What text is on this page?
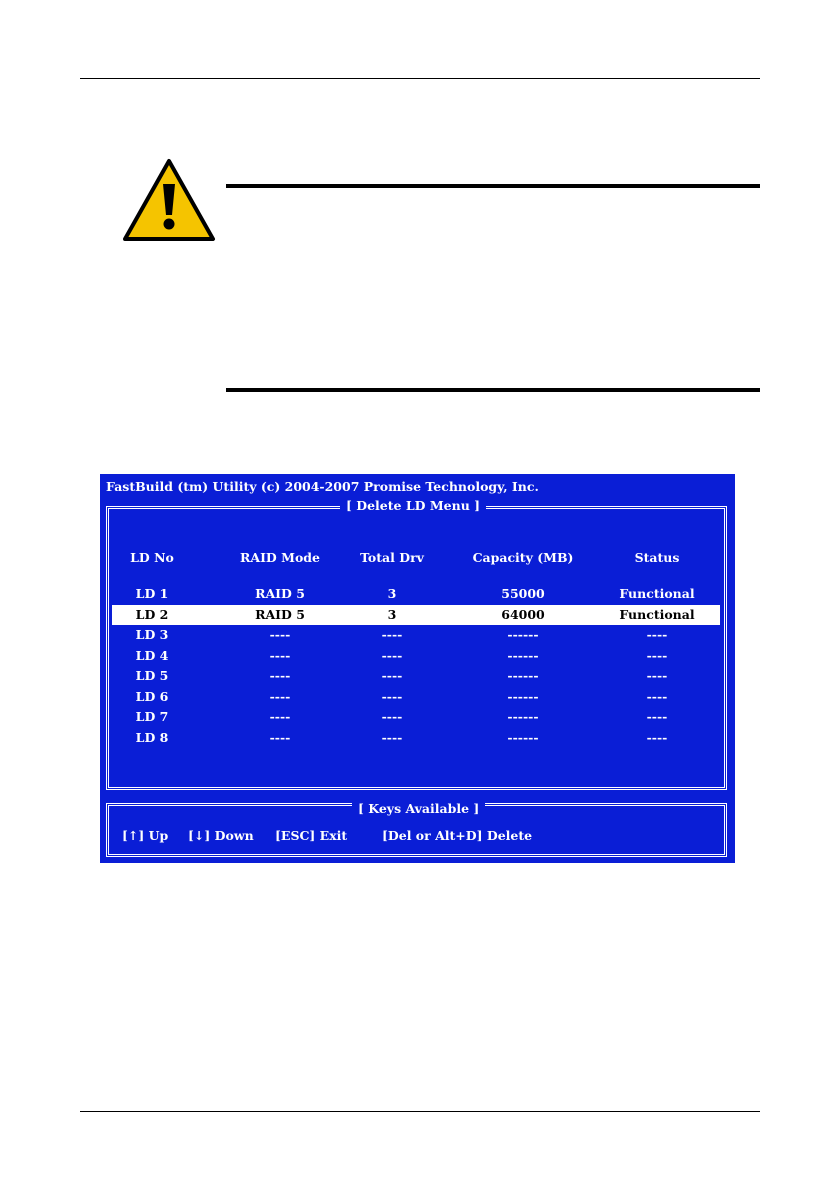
FastBuild (tm) Utility (c) 2004-2007 Promise Technology, Inc.
[ Delete LD Menu ]
LD No	RAID Mode	Total Drv	Capacity (MB)	Status
LD 1	RAID 5	3	55000	Functional
LD 2	RAID 5	3	64000	Functional
LD 3	----	----	------	----
LD 4	----	----	------	----
LD 5	----	----	------	----
LD 6	----	----	------	----
LD 7	----	----	------	----
LD 8	----	----	------	----
[ Keys Available ]
[↑] Up [↓] Down [ESC] Exit	[Del or Alt+D] Delete
